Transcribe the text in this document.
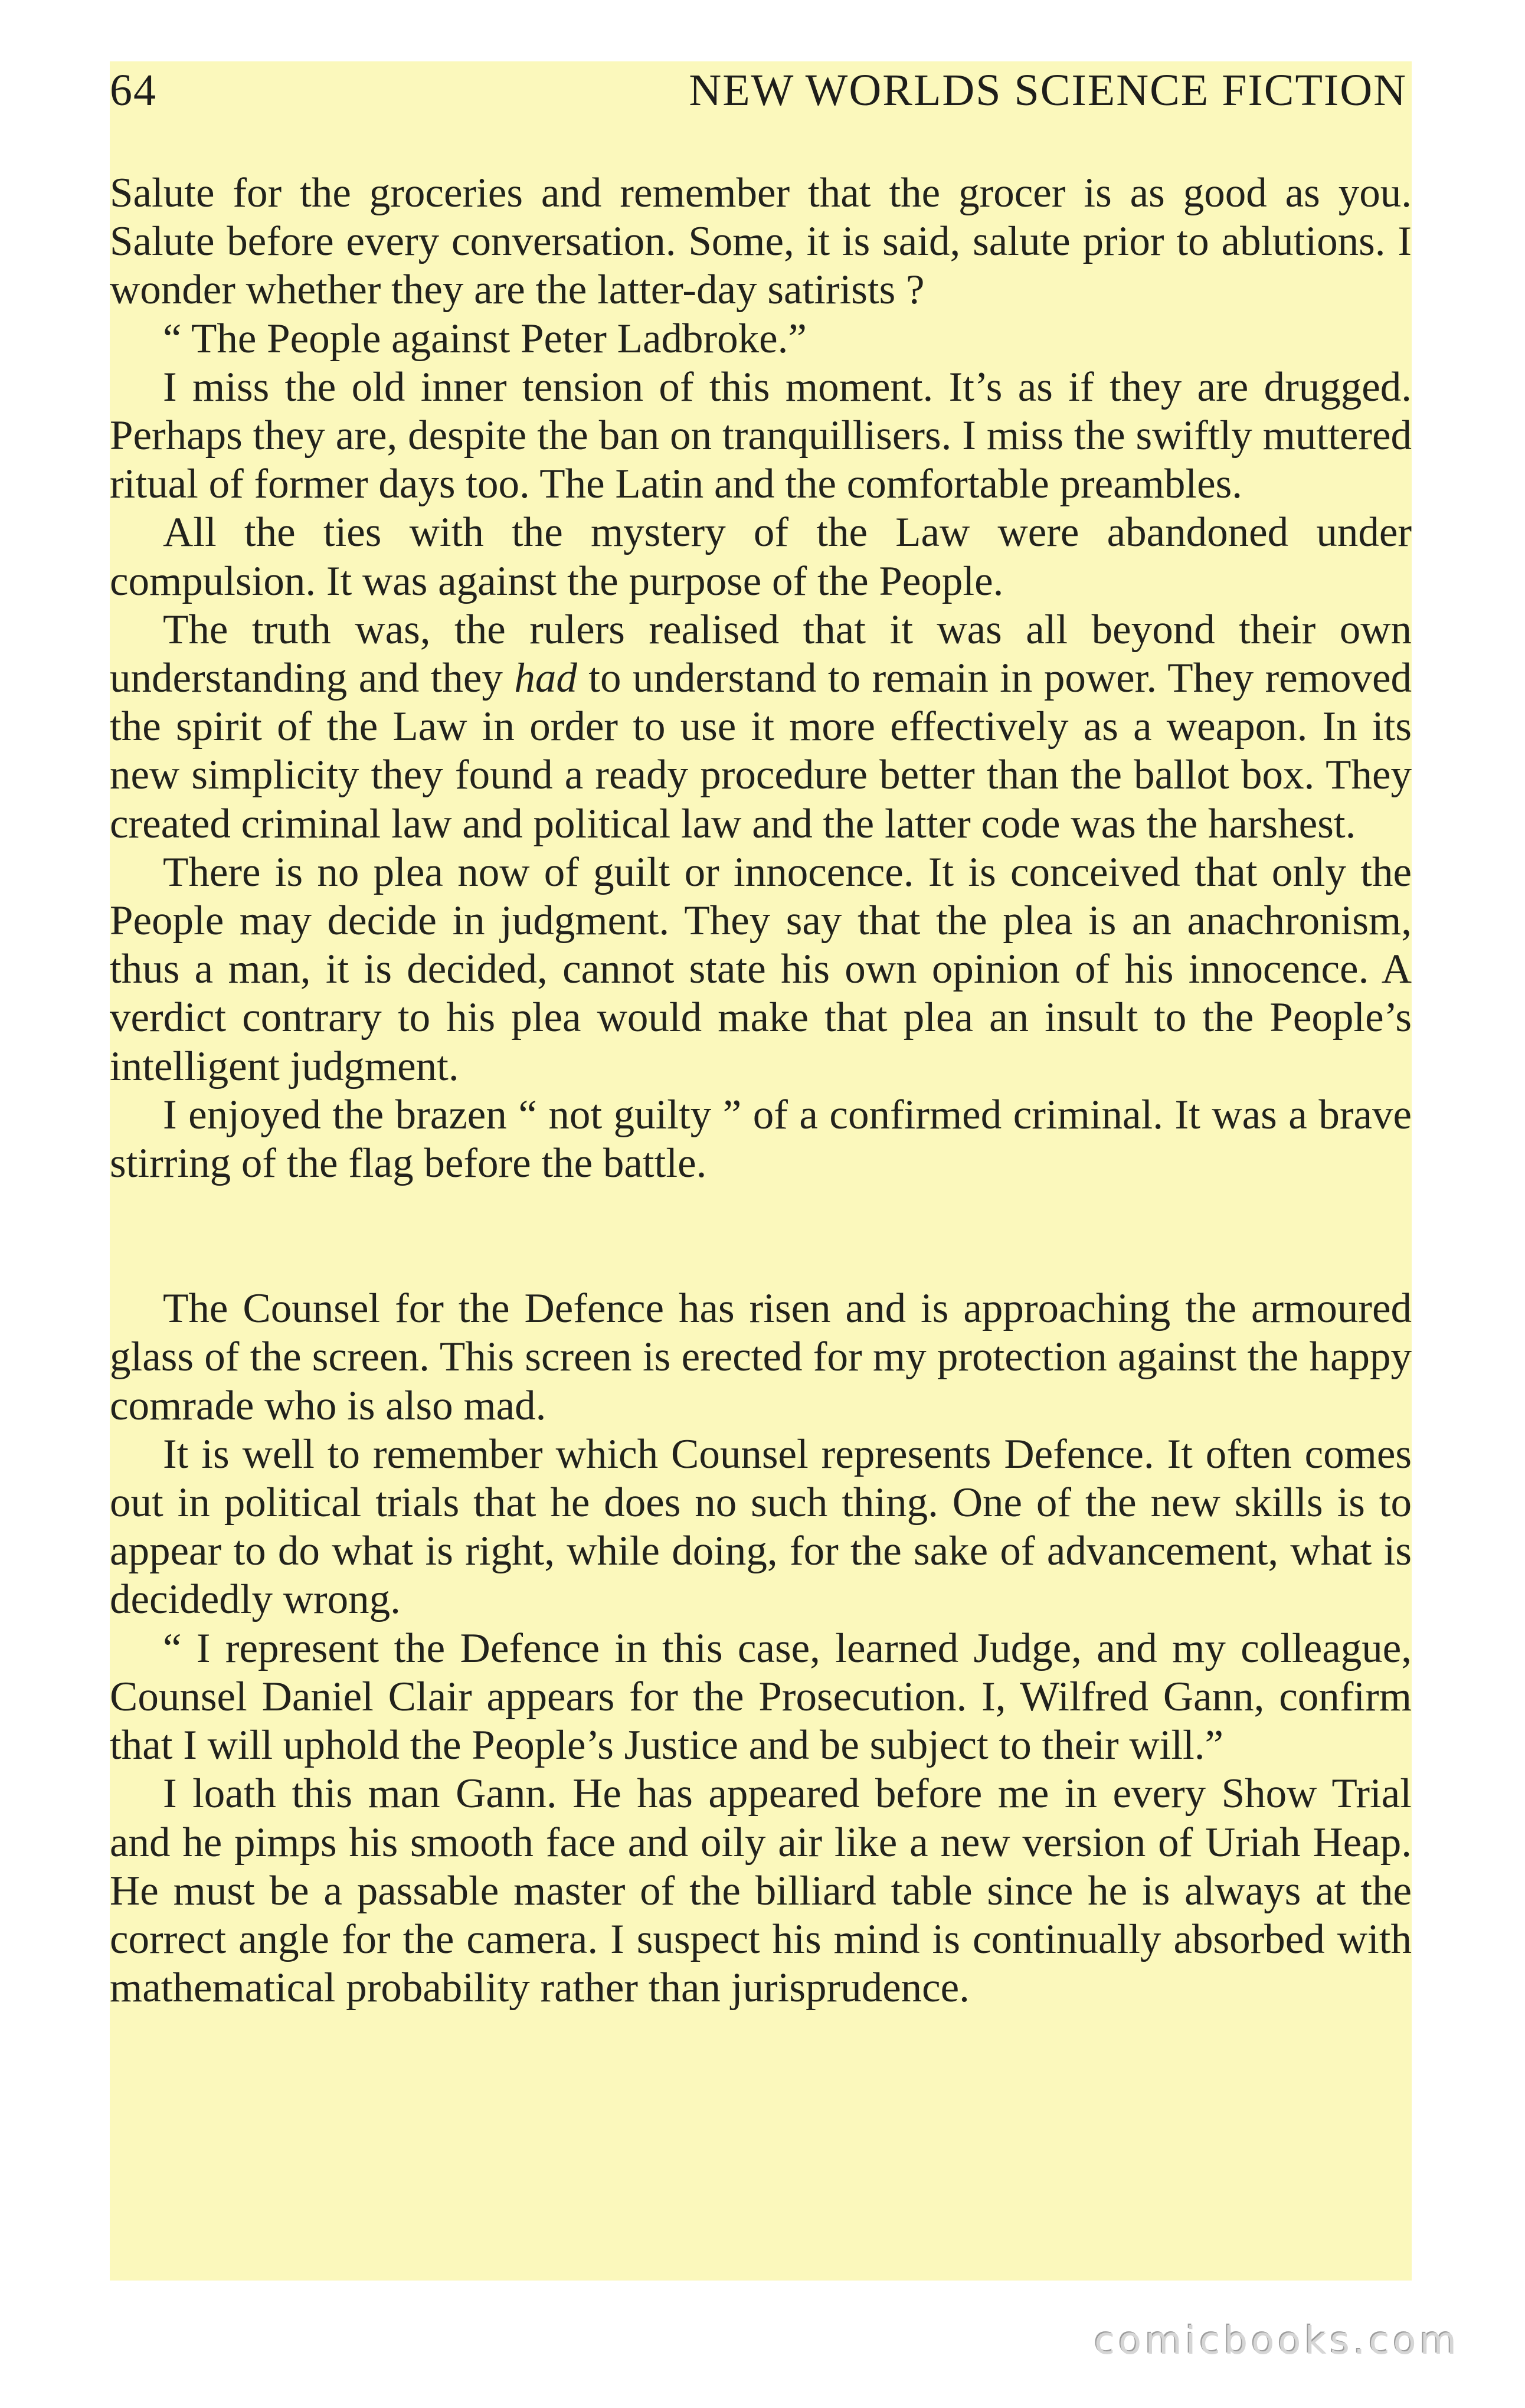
64	NEW WORLDS SCIENCE FICTION

Salute for the groceries and remember that the grocer is as good as you. Salute before every conversation. Some, it is said, salute prior to ablutions. I wonder whether they are the latter-day satirists ?

“ The People against Peter Ladbroke.”

I miss the old inner tension of this moment. It’s as if they are drugged. Perhaps they are, despite the ban on tranquillisers. I miss the swiftly muttered ritual of former days too. The Latin and the comfortable preambles.

All the ties with the mystery of the Law were abandoned under compulsion. It was against the purpose of the People.

The truth was, the rulers realised that it was all beyond their own understanding and they had to understand to remain in power. They removed the spirit of the Law in order to use it more effectively as a weapon. In its new simplicity they found a ready procedure better than the ballot box. They created criminal law and political law and the latter code was the harshest.

There is no plea now of guilt or innocence. It is conceived that only the People may decide in judgment. They say that the plea is an anachronism, thus a man, it is decided, cannot state his own opinion of his innocence. A verdict contrary to his plea would make that plea an insult to the People’s intelligent judgment.

I enjoyed the brazen “ not guilty ” of a confirmed criminal. It was a brave stirring of the flag before the battle.

The Counsel for the Defence has risen and is approaching the armoured glass of the screen. This screen is erected for my protection against the happy comrade who is also mad.

It is well to remember which Counsel represents Defence. It often comes out in political trials that he does no such thing. One of the new skills is to appear to do what is right, while doing, for the sake of advancement, what is decidedly wrong.

“ I represent the Defence in this case, learned Judge, and my colleague, Counsel Daniel Clair appears for the Prosecution. I, Wilfred Gann, confirm that I will uphold the People’s Justice and be subject to their will.”

I loath this man Gann. He has appeared before me in every Show Trial and he pimps his smooth face and oily air like a new version of Uriah Heap. He must be a passable master of the billiard table since he is always at the correct angle for the camera. I suspect his mind is continually absorbed with mathematical probability rather than jurisprudence.

comicbooks.com
